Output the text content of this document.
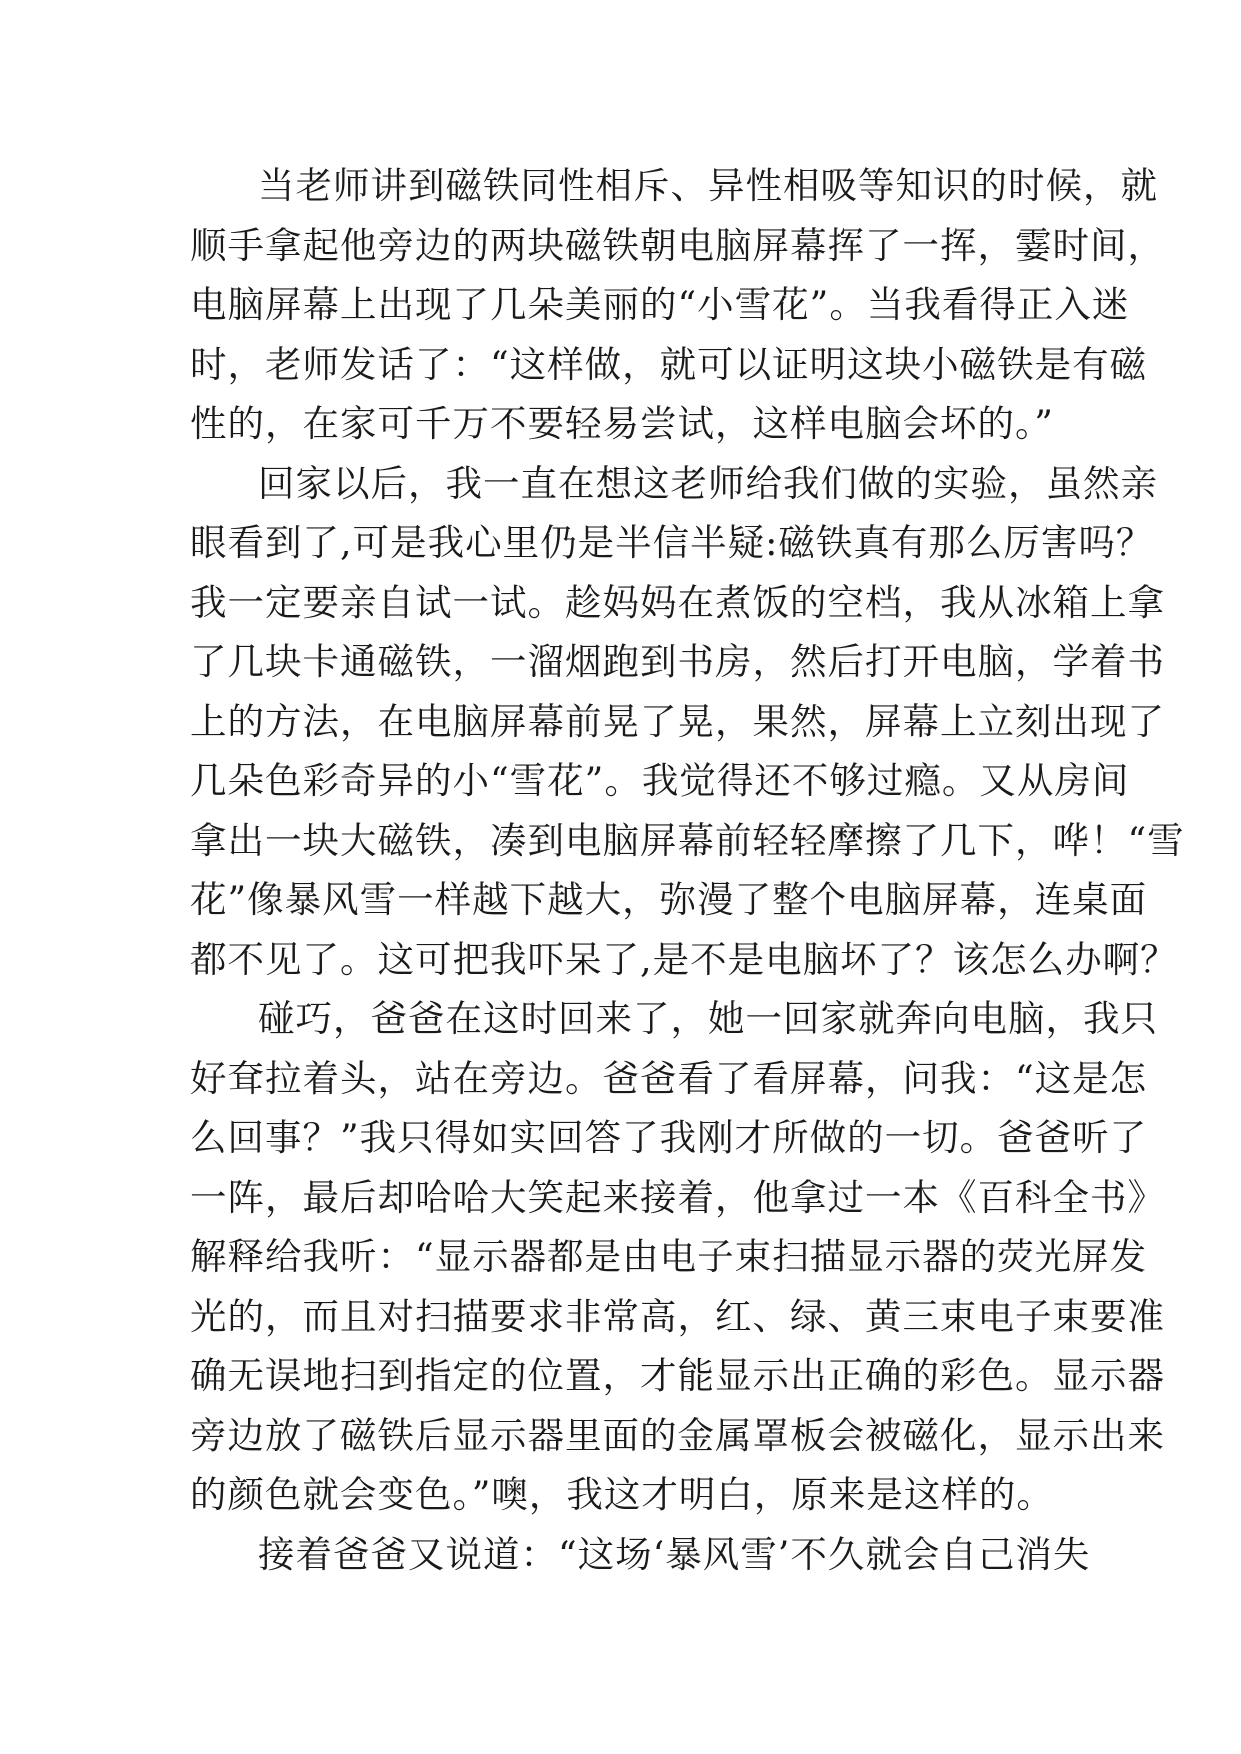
当老师讲到磁铁同性相斥、异性相吸等知识的时候，就
顺手拿起他旁边的两块磁铁朝电脑屏幕挥了一挥，霎时间，
电脑屏幕上出现了几朵美丽的“小雪花”。当我看得正入迷
时，老师发话了：“这样做，就可以证明这块小磁铁是有磁
性的，在家可千万不要轻易尝试，这样电脑会坏的。”
回家以后，我一直在想这老师给我们做的实验，虽然亲
眼看到了,可是我心里仍是半信半疑:磁铁真有那么厉害吗？
我一定要亲自试一试。趁妈妈在煮饭的空档，我从冰箱上拿
了几块卡通磁铁，一溜烟跑到书房，然后打开电脑，学着书
上的方法，在电脑屏幕前晃了晃，果然，屏幕上立刻出现了
几朵色彩奇异的小“雪花”。我觉得还不够过瘾。又从房间
拿出一块大磁铁，凑到电脑屏幕前轻轻摩擦了几下，哗！“雪
花”像暴风雪一样越下越大，弥漫了整个电脑屏幕，连桌面
都不见了。这可把我吓呆了,是不是电脑坏了？该怎么办啊？
碰巧，爸爸在这时回来了，她一回家就奔向电脑，我只
好耷拉着头，站在旁边。爸爸看了看屏幕，问我：“这是怎
么回事？”我只得如实回答了我刚才所做的一切。爸爸听了
一阵，最后却哈哈大笑起来接着，他拿过一本《百科全书》
解释给我听：“显示器都是由电子束扫描显示器的荧光屏发
光的，而且对扫描要求非常高，红、绿、黄三束电子束要准
确无误地扫到指定的位置，才能显示出正确的彩色。显示器
旁边放了磁铁后显示器里面的金属罩板会被磁化，显示出来
的颜色就会变色。”噢，我这才明白，原来是这样的。
接着爸爸又说道：“这场‘暴风雪’不久就会自己消失
